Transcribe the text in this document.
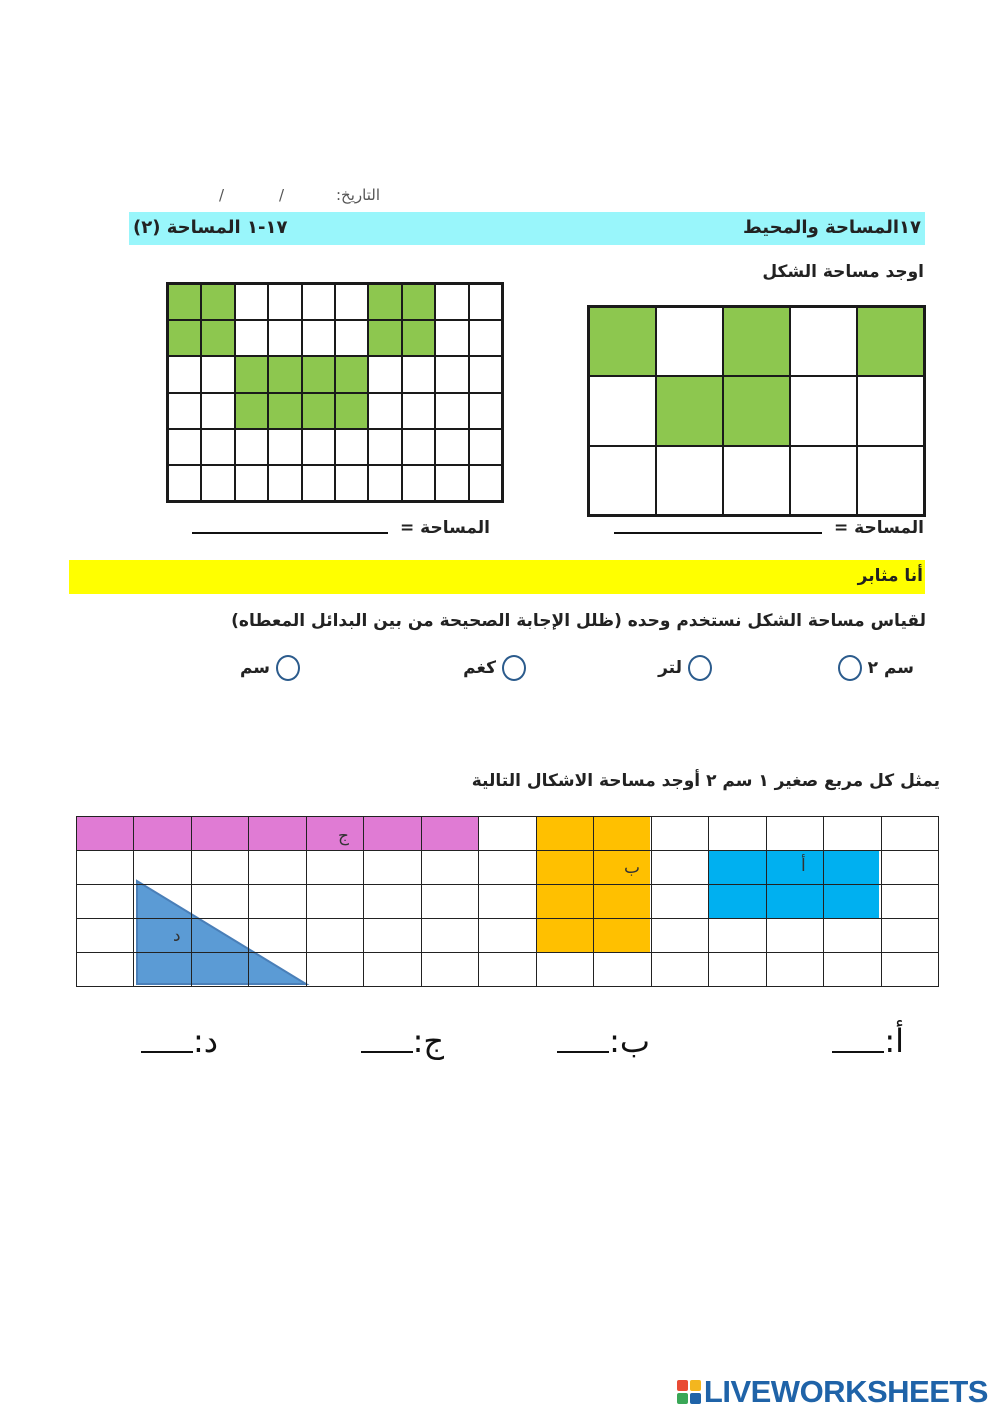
التاريخ:
/
/
١٧المساحة والمحيط
١٧-١ المساحة (٢)
اوجد مساحة الشكل
المساحة =
المساحة =
أنا مثابر
لقياس مساحة الشكل نستخدم وحده (ظلل الإجابة الصحيحة من بين البدائل المعطاه)
سم ٢
لتر
كغم
سم
يمثل كل مربع صغير ١ سم ٢ أوجد مساحة الاشكال التالية
أ
ب
ج
د
أ:
ب:
ج:
د:
LIVEWORKSHEETS
